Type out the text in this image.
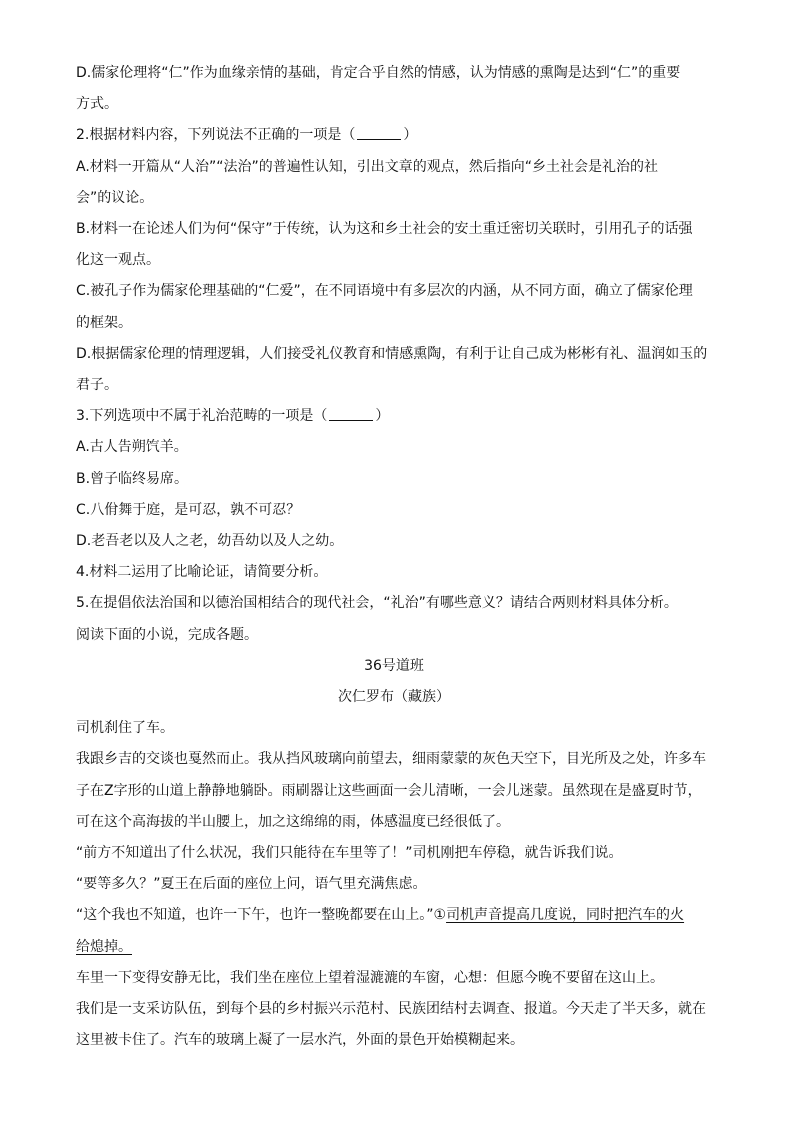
D.儒家伦理将“仁”作为血缘亲情的基础，肯定合乎自然的情感，认为情感的熏陶是达到“仁”的重要

方式。

2.根据材料内容，下列说法不正确的一项是（	）

A.材料一开篇从“人治”“法治”的普遍性认知，引出文章的观点，然后指向“乡土社会是礼治的社

会”的议论。

B.材料一在论述人们为何“保守”于传统，认为这和乡土社会的安土重迁密切关联时，引用孔子的话强

化这一观点。

C.被孔子作为儒家伦理基础的“仁爱”，在不同语境中有多层次的内涵，从不同方面，确立了儒家伦理

的框架。

D.根据儒家伦理的情理逻辑，人们接受礼仪教育和情感熏陶，有利于让自己成为彬彬有礼、温润如玉的

君子。

3.下列选项中不属于礼治范畴的一项是（	）

A.古人告朔饩羊。

B.曾子临终易席。

C.八佾舞于庭，是可忍，孰不可忍？

D.老吾老以及人之老，幼吾幼以及人之幼。

4.材料二运用了比喻论证，请简要分析。

5.在提倡依法治国和以德治国相结合的现代社会，“礼治”有哪些意义？请结合两则材料具体分析。

阅读下面的小说，完成各题。

36号道班

次仁罗布（藏族）

司机刹住了车。

我跟乡吉的交谈也戛然而止。我从挡风玻璃向前望去，细雨蒙蒙的灰色天空下，目光所及之处，许多车

子在Z字形的山道上静静地躺卧。雨刷器让这些画面一会儿清晰，一会儿迷蒙。虽然现在是盛夏时节，

可在这个高海拔的半山腰上，加之这绵绵的雨，体感温度已经很低了。

“前方不知道出了什么状况，我们只能待在车里等了！”司机刚把车停稳，就告诉我们说。

“要等多久？”夏王在后面的座位上问，语气里充满焦虑。

“这个我也不知道，也许一下午，也许一整晚都要在山上。”①司机声音提高几度说，同时把汽车的火

给熄掉。

车里一下变得安静无比，我们坐在座位上望着湿漉漉的车窗，心想：但愿今晚不要留在这山上。

我们是一支采访队伍，到每个县的乡村振兴示范村、民族团结村去调查、报道。今天走了半天多，就在

这里被卡住了。汽车的玻璃上凝了一层水汽，外面的景色开始模糊起来。
